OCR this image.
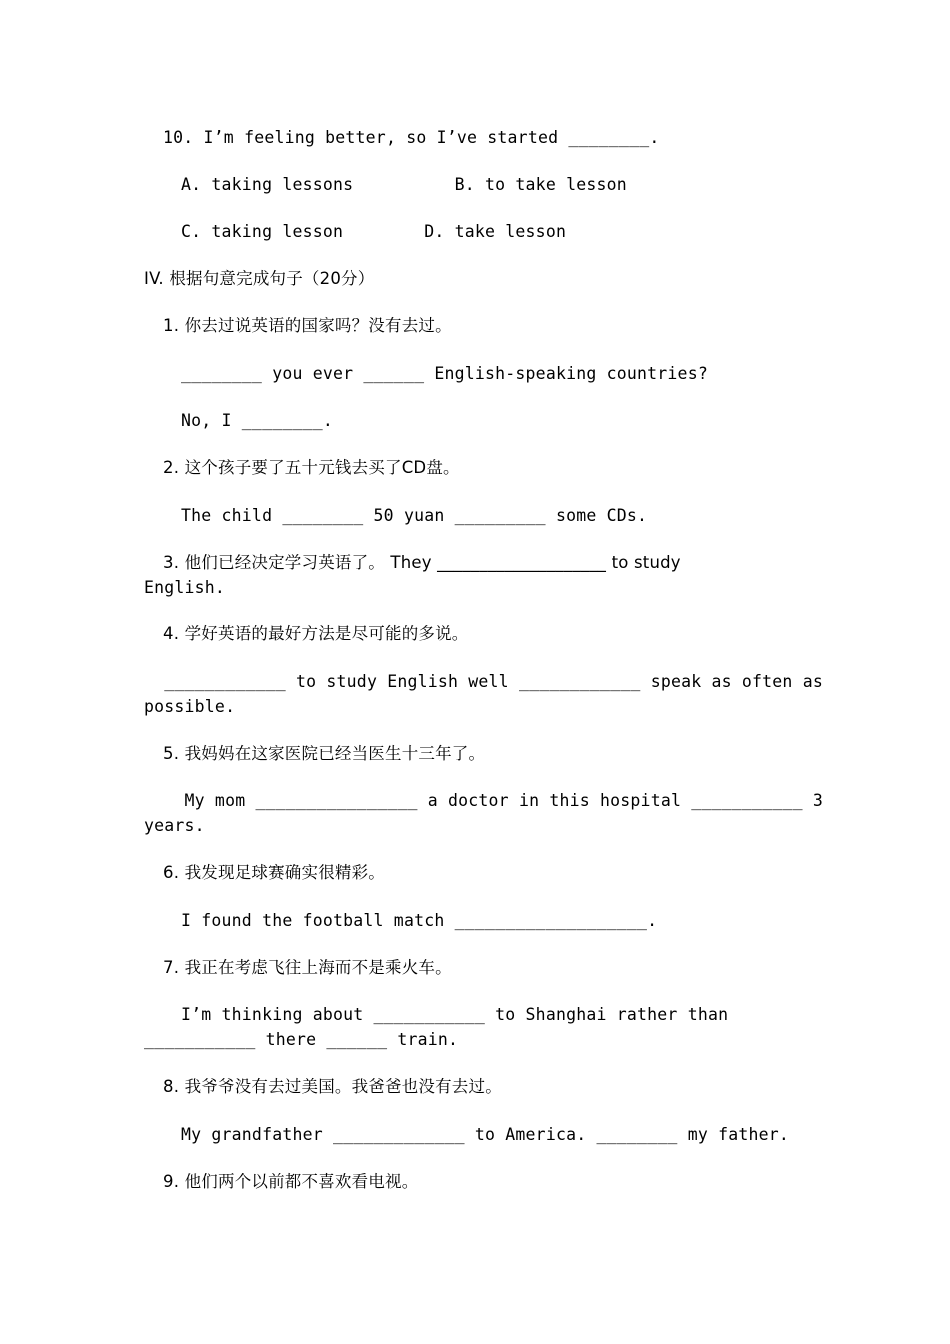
10. I’m feeling better, so I’ve started ________.
A. taking lessons          B. to take lesson
C. taking lesson        D. take lesson
IV. 根据句意完成句子（20分）
1. 你去过说英语的国家吗？没有去过。
________ you ever ______ English-speaking countries?
No, I ________.
2. 这个孩子要了五十元钱去买了CD盘。
The child ________ 50 yuan _________ some CDs.
3. 他们已经决定学习英语了。 They ____________________ to study
English.
4. 学好英语的最好方法是尽可能的多说。
____________ to study English well ____________ speak as often as
possible.
5. 我妈妈在这家医院已经当医生十三年了。
My mom ________________ a doctor in this hospital ___________ 3
years.
6. 我发现足球赛确实很精彩。
I found the football match ___________________.
7. 我正在考虑飞往上海而不是乘火车。
I’m thinking about ___________ to Shanghai rather than
___________ there ______ train.
8. 我爷爷没有去过美国。我爸爸也没有去过。
My grandfather _____________ to America. ________ my father.
9. 他们两个以前都不喜欢看电视。
